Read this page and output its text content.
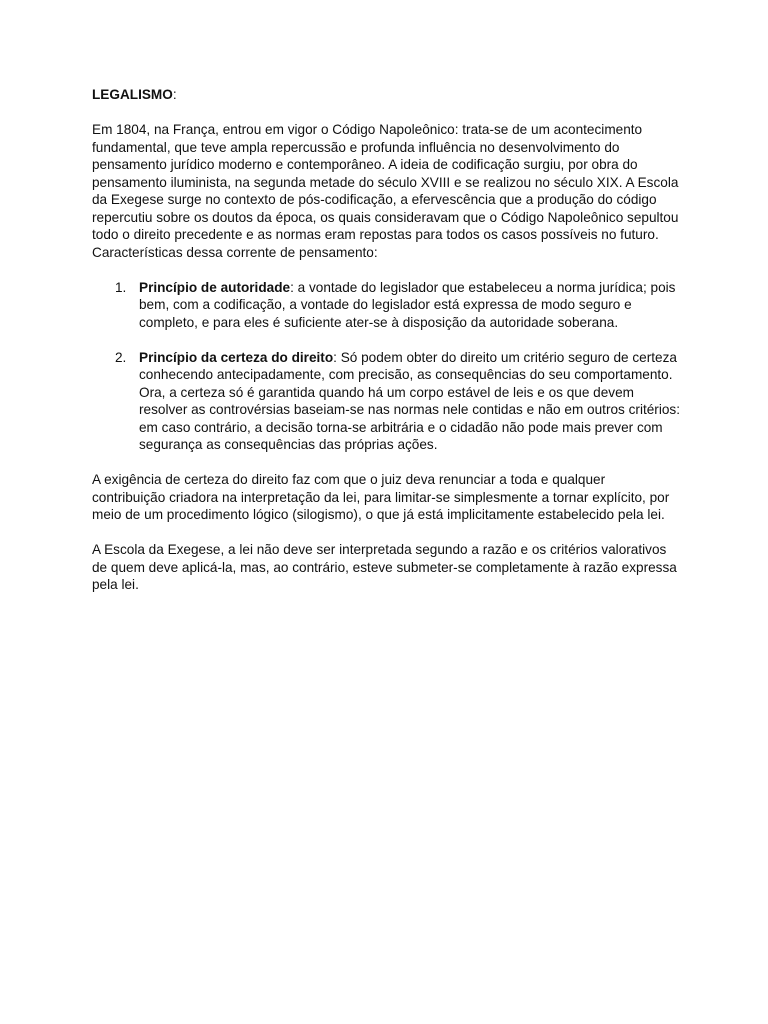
LEGALISMO:

Em 1804, na França, entrou em vigor o Código Napoleônico: trata-se de um acontecimento fundamental, que teve ampla repercussão e profunda influência no desenvolvimento do pensamento jurídico moderno e contemporâneo. A ideia de codificação surgiu, por obra do pensamento iluminista, na segunda metade do século XVIII e se realizou no século XIX. A Escola da Exegese surge no contexto de pós-codificação, a efervescência que a produção do código repercutiu sobre os doutos da época, os quais consideravam que o Código Napoleônico sepultou todo o direito precedente e as normas eram repostas para todos os casos possíveis no futuro.

Características dessa corrente de pensamento:

1. Princípio de autoridade: a vontade do legislador que estabeleceu a norma jurídica; pois bem, com a codificação, a vontade do legislador está expressa de modo seguro e completo, e para eles é suficiente ater-se à disposição da autoridade soberana.
2. Princípio da certeza do direito: Só podem obter do direito um critério seguro de certeza conhecendo antecipadamente, com precisão, as consequências do seu comportamento. Ora, a certeza só é garantida quando há um corpo estável de leis e os que devem resolver as controvérsias baseiam-se nas normas nele contidas e não em outros critérios: em caso contrário, a decisão torna-se arbitrária e o cidadão não pode mais prever com segurança as consequências das próprias ações.

A exigência de certeza do direito faz com que o juiz deva renunciar a toda e qualquer contribuição criadora na interpretação da lei, para limitar-se simplesmente a tornar explícito, por meio de um procedimento lógico (silogismo), o que já está implicitamente estabelecido pela lei.

A Escola da Exegese, a lei não deve ser interpretada segundo a razão e os critérios valorativos de quem deve aplicá-la, mas, ao contrário, esteve submeter-se completamente à razão expressa pela lei.
